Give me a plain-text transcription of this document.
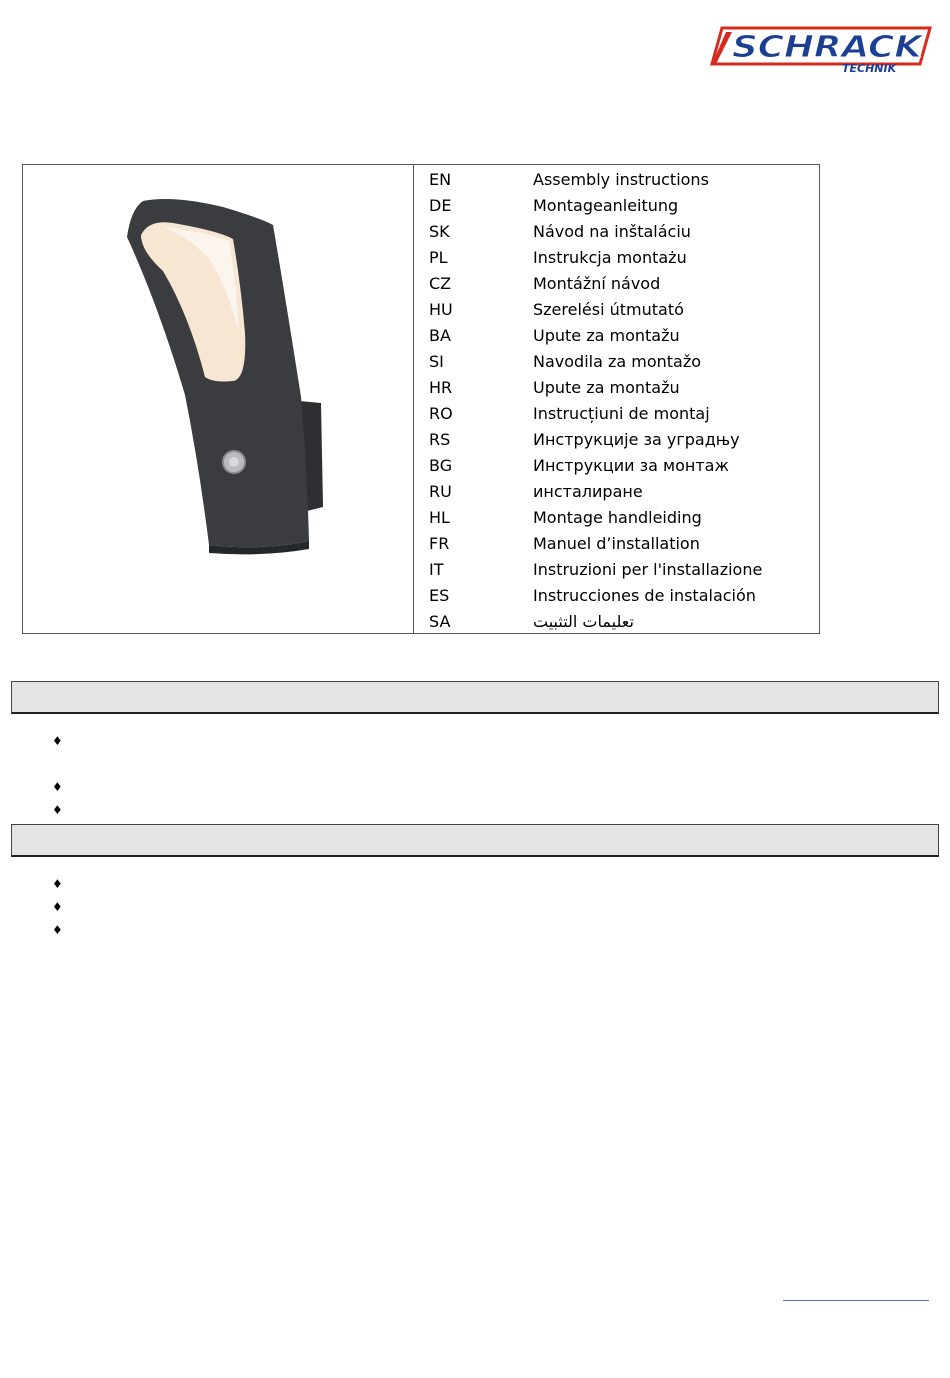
SCHRACK
TECHNIK
EN	Assembly instructions
DE	Montageanleitung
SK	Návod na inštaláciu
PL	Instrukcja montażu
CZ	Montážní návod
HU	Szerelési útmutató
BA	Upute za montažu
SI	Navodila za montažo
HR	Upute za montažu
RO	Instrucțiuni de montaj
RS	Инструкције за уградњу
BG	Инструкции за монтаж
RU	инсталиране
HL	Montage handleiding
FR	Manuel d’installation
IT	Instruzioni per l'installazione
ES	Instrucciones de instalación
SA	تعليمات التثبيت
♦
♦
♦
♦
♦
♦
